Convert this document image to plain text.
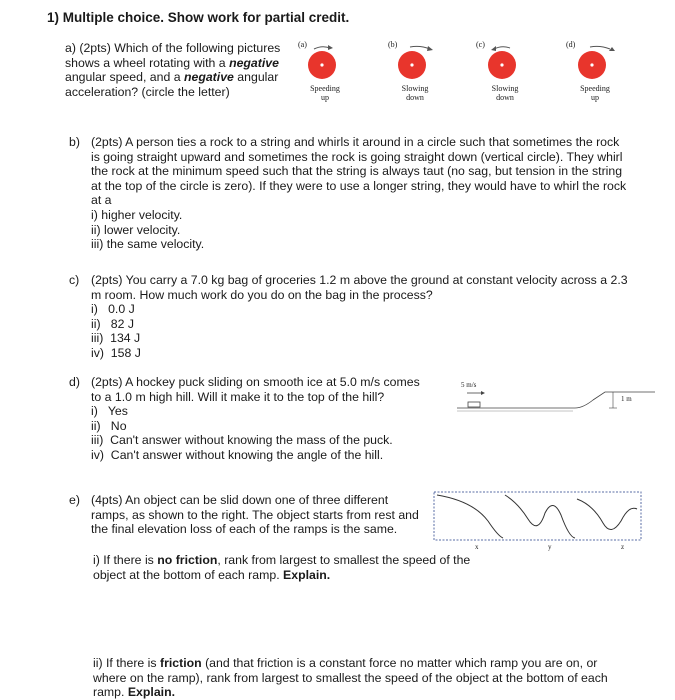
1) Multiple choice. Show work for partial credit.
a) (2pts) Which of the following pictures shows a wheel rotating with a negative angular speed, and a negative angular acceleration? (circle the letter)
(a)
Speeding
up
(b)
Slowing
down
(c)
Slowing
down
(d)
Speeding
up
b) (2pts) A person ties a rock to a string and whirls it around in a circle such that sometimes the rock is going straight upward and sometimes the rock is going straight down (vertical circle). They whirl the rock at the minimum speed such that the string is always taut (no sag, but tension in the string at the top of the circle is zero). If they were to use a longer string, they would have to whirl the rock at a
i) higher velocity.
ii) lower velocity.
iii) the same velocity.
c) (2pts) You carry a 7.0 kg bag of groceries 1.2 m above the ground at constant velocity across a 2.3 m room. How much work do you do on the bag in the process?
i)   0.0 J
ii)   82 J
iii)  134 J
iv)  158 J
d) (2pts) A hockey puck sliding on smooth ice at 5.0 m/s comes to a 1.0 m high hill. Will it make it to the top of the hill?
i)   Yes
ii)   No
iii)  Can't answer without knowing the mass of the puck.
iv)  Can't answer without knowing the angle of the hill.
5 m/s
1 m
e) (4pts) An object can be slid down one of three different ramps, as shown to the right. The object starts from rest and the final elevation loss of each of the ramps is the same.
x	y	z
i) If there is no friction, rank from largest to smallest the speed of the object at the bottom of each ramp. Explain.
ii) If there is friction (and that friction is a constant force no matter which ramp you are on, or where on the ramp), rank from largest to smallest the speed of the object at the bottom of each ramp. Explain.
